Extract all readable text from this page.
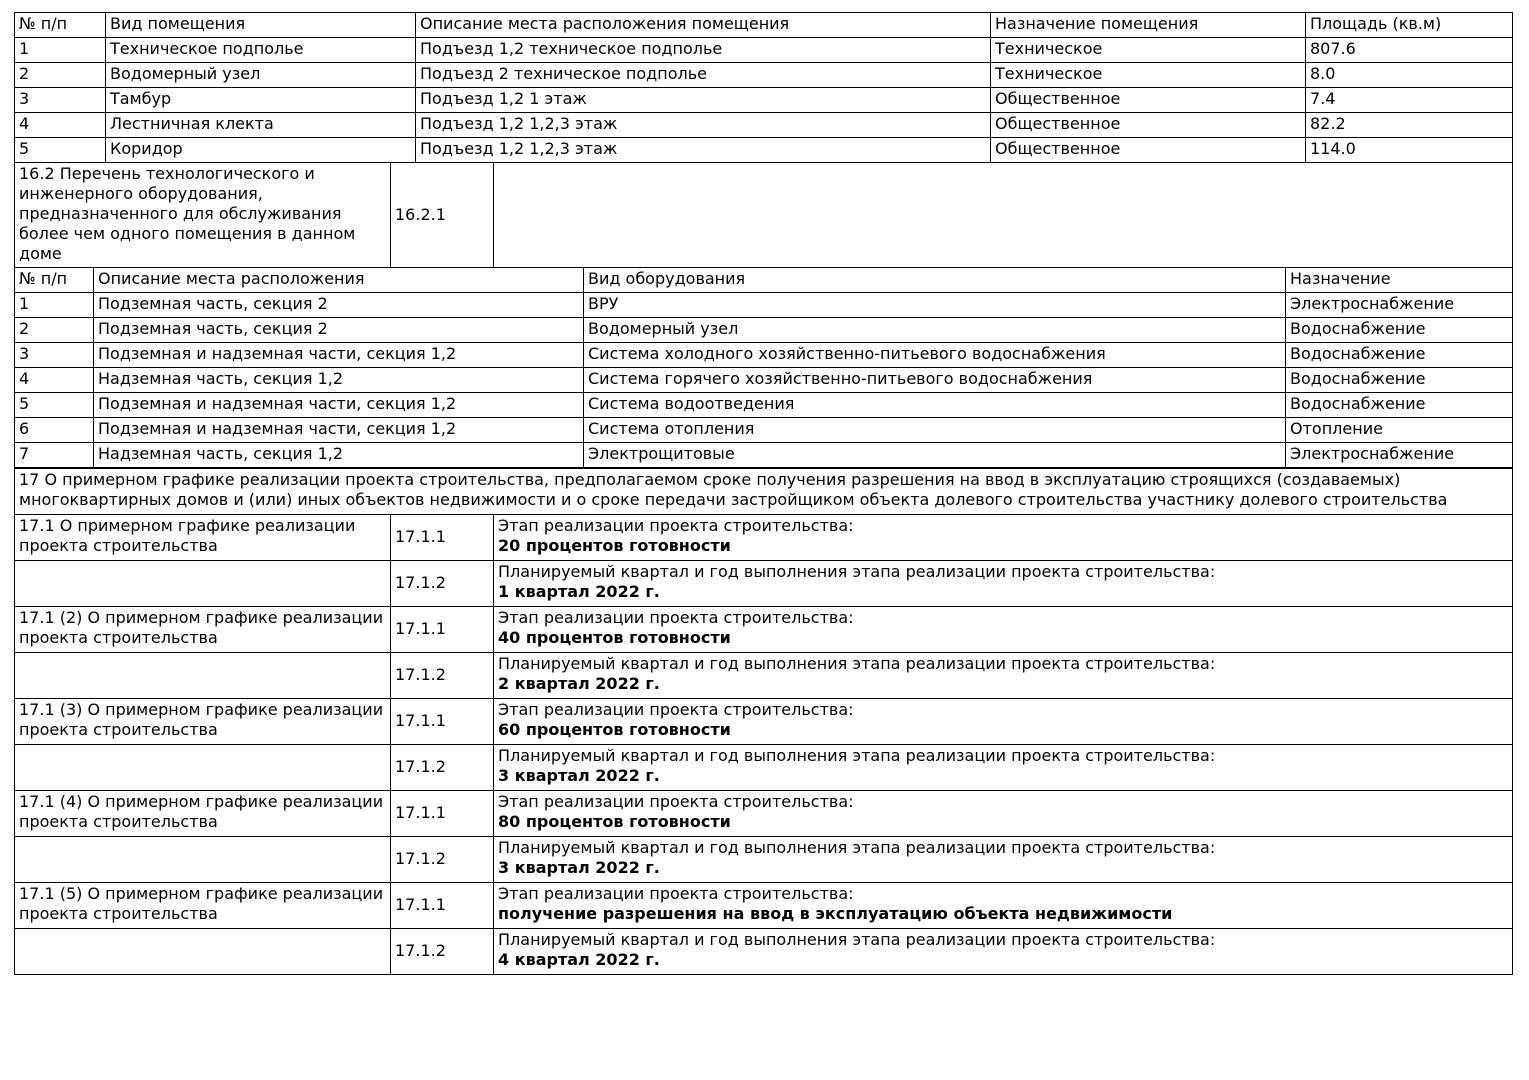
№ п/п	Вид помещения	Описание места расположения помещения	Назначение помещения	Площадь (кв.м)
1	Техническое подполье	Подъезд 1,2 техническое подполье	Техническое	807.6
2	Водомерный узел	Подъезд 2 техническое подполье	Техническое	8.0
3	Тамбур	Подъезд 1,2 1 этаж	Общественное	7.4
4	Лестничная клекта	Подъезд 1,2 1,2,3 этаж	Общественное	82.2
5	Коридор	Подъезд 1,2 1,2,3 этаж	Общественное	114.0
16.2 Перечень технологического и инженерного оборудования, предназначенного для обслуживания более чем одного помещения в данном доме	16.2.1	
№ п/п	Описание места расположения	Вид оборудования	Назначение
1	Подземная часть, секция 2	ВРУ	Электроснабжение
2	Подземная часть, секция 2	Водомерный узел	Водоснабжение
3	Подземная и надземная части, секция 1,2	Система холодного хозяйственно-питьевого водоснабжения	Водоснабжение
4	Надземная часть, секция 1,2	Система горячего хозяйственно-питьевого водоснабжения	Водоснабжение
5	Подземная и надземная части, секция 1,2	Система водоотведения	Водоснабжение
6	Подземная и надземная части, секция 1,2	Система отопления	Отопление
7	Надземная часть, секция 1,2	Электрощитовые	Электроснабжение
17 О примерном графике реализации проекта строительства, предполагаемом сроке получения разрешения на ввод в эксплуатацию строящихся (создаваемых) многоквартирных домов и (или) иных объектов недвижимости и о сроке передачи застройщиком объекта долевого строительства участнику долевого строительства
17.1 О примерном графике реализации проекта строительства	17.1.1	Этап реализации проекта строительства:
20 процентов готовности

	17.1.2	Планируемый квартал и год выполнения этапа реализации проекта строительства:
1 квартал 2022 г.

17.1 (2) О примерном графике реализации проекта строительства	17.1.1	Этап реализации проекта строительства:
40 процентов готовности

	17.1.2	Планируемый квартал и год выполнения этапа реализации проекта строительства:
2 квартал 2022 г.

17.1 (3) О примерном графике реализации проекта строительства	17.1.1	Этап реализации проекта строительства:
60 процентов готовности

	17.1.2	Планируемый квартал и год выполнения этапа реализации проекта строительства:
3 квартал 2022 г.

17.1 (4) О примерном графике реализации проекта строительства	17.1.1	Этап реализации проекта строительства:
80 процентов готовности

	17.1.2	Планируемый квартал и год выполнения этапа реализации проекта строительства:
3 квартал 2022 г.

17.1 (5) О примерном графике реализации проекта строительства	17.1.1	Этап реализации проекта строительства:
получение разрешения на ввод в эксплуатацию объекта недвижимости

	17.1.2	Планируемый квартал и год выполнения этапа реализации проекта строительства:
4 квартал 2022 г.
